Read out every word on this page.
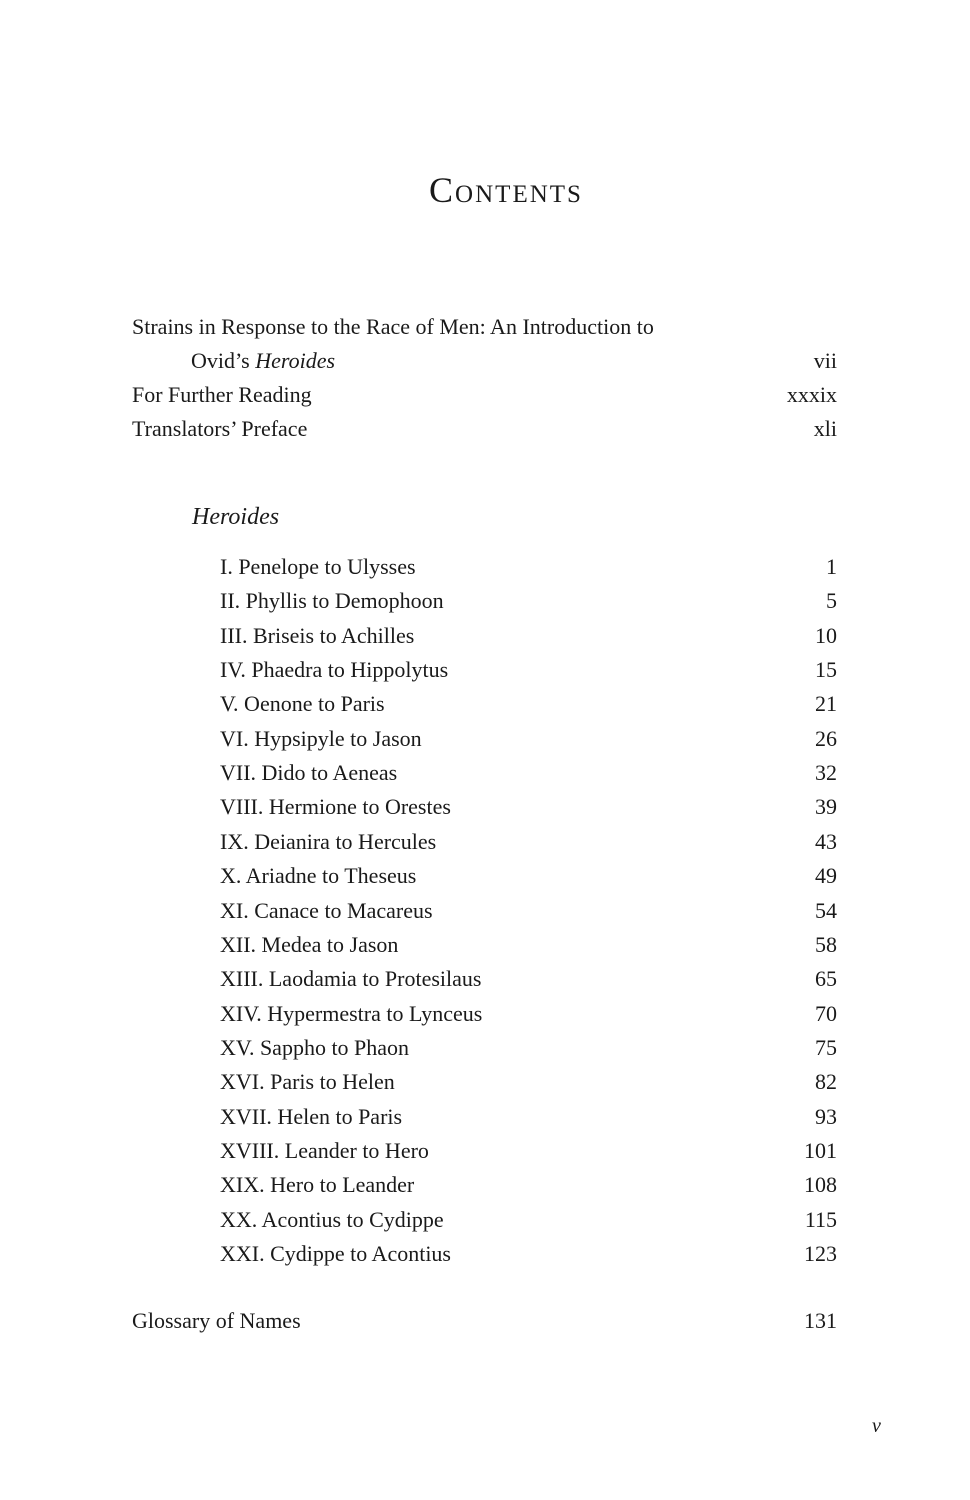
Contents
Strains in Response to the Race of Men: An Introduction to
Ovid’s Heroides	vii
For Further Reading	xxxix
Translators’ Preface	xli
Heroides
I. Penelope to Ulysses	1
II. Phyllis to Demophoon	5
III. Briseis to Achilles	10
IV. Phaedra to Hippolytus	15
V. Oenone to Paris	21
VI. Hypsipyle to Jason	26
VII. Dido to Aeneas	32
VIII. Hermione to Orestes	39
IX. Deianira to Hercules	43
X. Ariadne to Theseus	49
XI. Canace to Macareus	54
XII. Medea to Jason	58
XIII. Laodamia to Protesilaus	65
XIV. Hypermestra to Lynceus	70
XV. Sappho to Phaon	75
XVI. Paris to Helen	82
XVII. Helen to Paris	93
XVIII. Leander to Hero	101
XIX. Hero to Leander	108
XX. Acontius to Cydippe	115
XXI. Cydippe to Acontius	123
Glossary of Names	131
v
